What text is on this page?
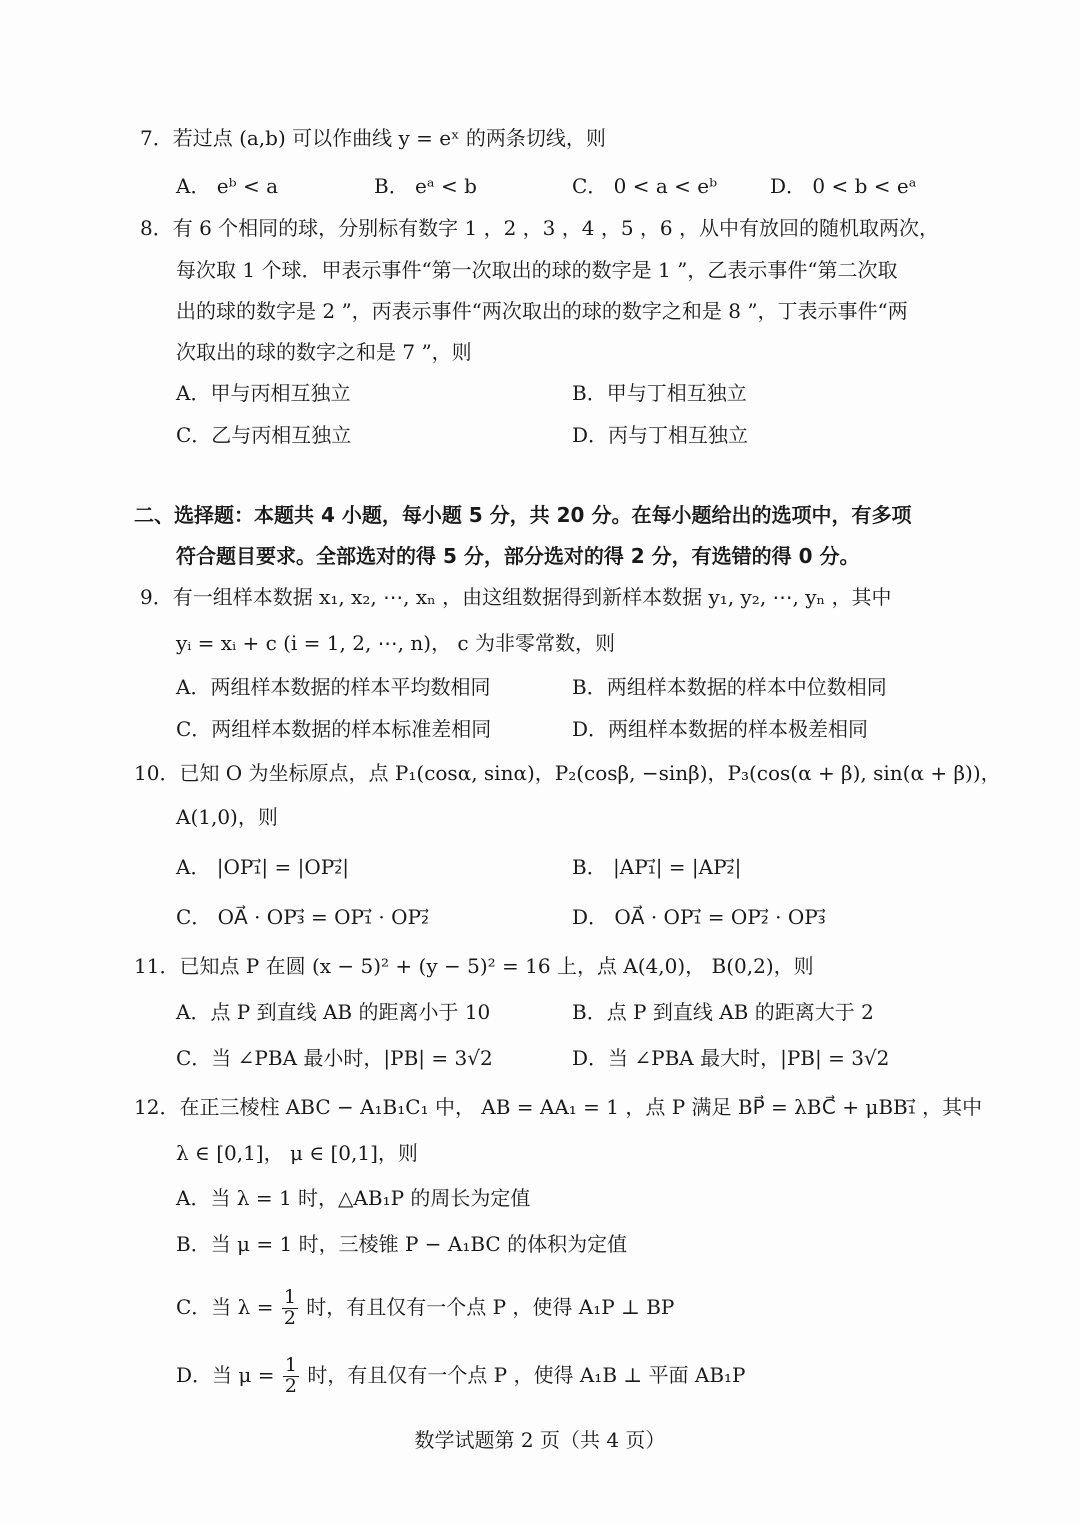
7．若过点 (a,b) 可以作曲线 y = eˣ 的两条切线，则
A． eᵇ < a	B． eᵃ < b	C． 0 < a < eᵇ	D． 0 < b < eᵃ
8．有 6 个相同的球，分别标有数字 1 ，2 ，3 ，4 ，5 ，6 ，从中有放回的随机取两次，
每次取 1 个球．甲表示事件“第一次取出的球的数字是 1 ”，乙表示事件“第二次取
出的球的数字是 2 ”，丙表示事件“两次取出的球的数字之和是 8 ”，丁表示事件“两
次取出的球的数字之和是 7 ”，则
A．甲与丙相互独立	B．甲与丁相互独立
C．乙与丙相互独立	D．丙与丁相互独立
二、选择题：本题共 4 小题，每小题 5 分，共 20 分。在每小题给出的选项中，有多项
符合题目要求。全部选对的得 5 分，部分选对的得 2 分，有选错的得 0 分。
9．有一组样本数据 x₁, x₂, ⋯, xₙ ，由这组数据得到新样本数据 y₁, y₂, ⋯, yₙ ，其中
yᵢ = xᵢ + c (i = 1, 2, ⋯, n)， c 为非零常数，则
A．两组样本数据的样本平均数相同	B．两组样本数据的样本中位数相同
C．两组样本数据的样本标准差相同	D．两组样本数据的样本极差相同
10．已知 O 为坐标原点，点 P₁(cosα, sinα)，P₂(cosβ, −sinβ)，P₃(cos(α + β), sin(α + β))，
A(1,0)，则
A． |OP₁⃗| = |OP₂⃗|	B． |AP₁⃗| = |AP₂⃗|
C． OA⃗ · OP₃⃗ = OP₁⃗ · OP₂⃗	D． OA⃗ · OP₁⃗ = OP₂⃗ · OP₃⃗
11．已知点 P 在圆 (x − 5)² + (y − 5)² = 16 上，点 A(4,0)， B(0,2)，则
A．点 P 到直线 AB 的距离小于 10	B．点 P 到直线 AB 的距离大于 2
C．当 ∠PBA 最小时，|PB| = 3√2	D．当 ∠PBA 最大时，|PB| = 3√2
12．在正三棱柱 ABC − A₁B₁C₁ 中， AB = AA₁ = 1 ，点 P 满足 BP⃗ = λBC⃗ + μBB₁⃗ ，其中
λ ∈ [0,1]， μ ∈ [0,1]，则
A．当 λ = 1 时，△AB₁P 的周长为定值
B．当 μ = 1 时，三棱锥 P − A₁BC 的体积为定值
C．当 $\lambda = \frac{1}{2}$ 时，有且仅有一个点 P ，使得 A₁P ⊥ BP
D．当 $\mu = \frac{1}{2}$ 时，有且仅有一个点 P ，使得 A₁B ⊥ 平面 AB₁P
数学试题第 2 页（共 4 页）
